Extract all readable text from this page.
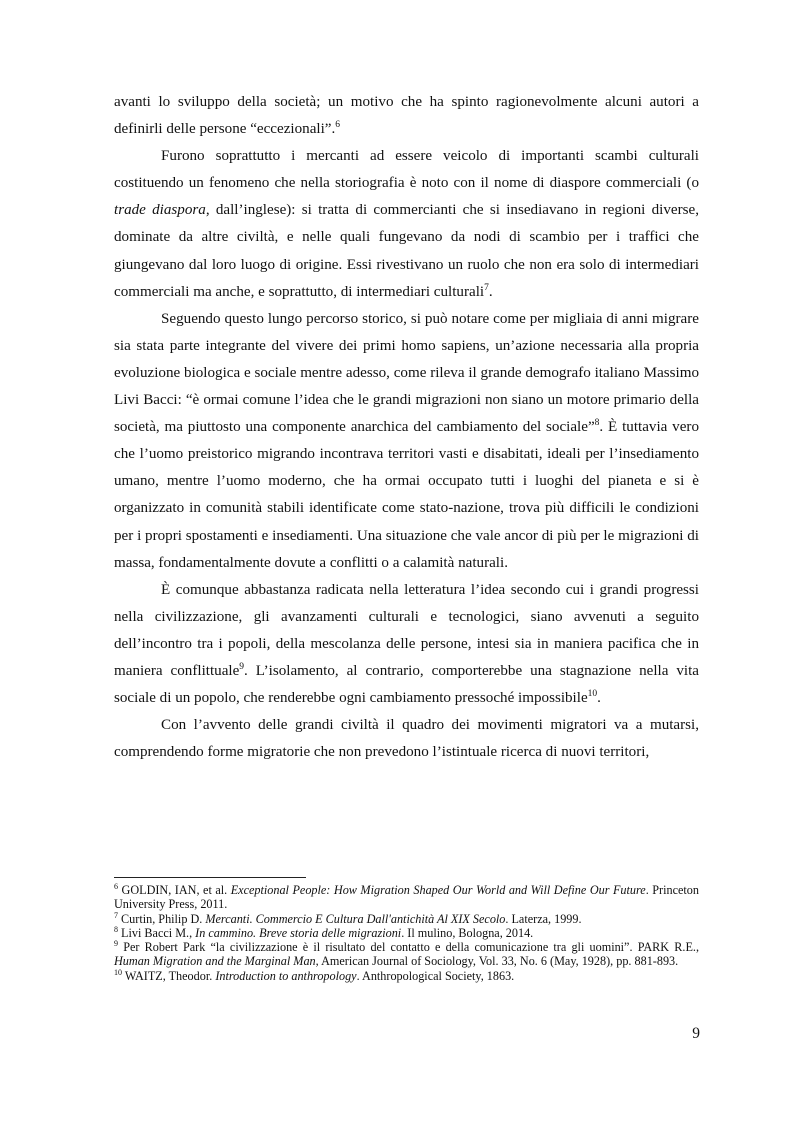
avanti lo sviluppo della società; un motivo che ha spinto ragionevolmente alcuni autori a definirli delle persone “eccezionali”.$^6$

Furono soprattutto i mercanti ad essere veicolo di importanti scambi culturali costituendo un fenomeno che nella storiografia è noto con il nome di diaspore commerciali (o trade diaspora, dall’inglese): si tratta di commercianti che si insediavano in regioni diverse, dominate da altre civiltà, e nelle quali fungevano da nodi di scambio per i traffici che giungevano dal loro luogo di origine. Essi rivestivano un ruolo che non era solo di intermediari commerciali ma anche, e soprattutto, di intermediari culturali$^7$.

Seguendo questo lungo percorso storico, si può notare come per migliaia di anni migrare sia stata parte integrante del vivere dei primi homo sapiens, un’azione necessaria alla propria evoluzione biologica e sociale mentre adesso, come rileva il grande demografo italiano Massimo Livi Bacci: “è ormai comune l’idea che le grandi migrazioni non siano un motore primario della società, ma piuttosto una componente anarchica del cambiamento del sociale”$^8$. È tuttavia vero che l’uomo preistorico migrando incontrava territori vasti e disabitati, ideali per l’insediamento umano, mentre l’uomo moderno, che ha ormai occupato tutti i luoghi del pianeta e si è organizzato in comunità stabili identificate come stato-nazione, trova più difficili le condizioni per i propri spostamenti e insediamenti. Una situazione che vale ancor di più per le migrazioni di massa, fondamentalmente dovute a conflitti o a calamità naturali.

È comunque abbastanza radicata nella letteratura l’idea secondo cui i grandi progressi nella civilizzazione, gli avanzamenti culturali e tecnologici, siano avvenuti a seguito dell’incontro tra i popoli, della mescolanza delle persone, intesi sia in maniera pacifica che in maniera conflittuale$^9$. L’isolamento, al contrario, comporterebbe una stagnazione nella vita sociale di un popolo, che renderebbe ogni cambiamento pressoché impossibile$^{10}$.

Con l’avvento delle grandi civiltà il quadro dei movimenti migratori va a mutarsi, comprendendo forme migratorie che non prevedono l’istintuale ricerca di nuovi territori,

$^6$ GOLDIN, IAN, et al. Exceptional People: How Migration Shaped Our World and Will Define Our Future. Princeton University Press, 2011.

$^7$ Curtin, Philip D. Mercanti. Commercio E Cultura Dall'antichità Al XIX Secolo. Laterza, 1999.

$^8$ Livi Bacci M., In cammino. Breve storia delle migrazioni. Il mulino, Bologna, 2014.

$^9$ Per Robert Park “la civilizzazione è il risultato del contatto e della comunicazione tra gli uomini”. PARK R.E., Human Migration and the Marginal Man, American Journal of Sociology, Vol. 33, No. 6 (May, 1928), pp. 881-893.

$^{10}$ WAITZ, Theodor. Introduction to anthropology. Anthropological Society, 1863.

9
